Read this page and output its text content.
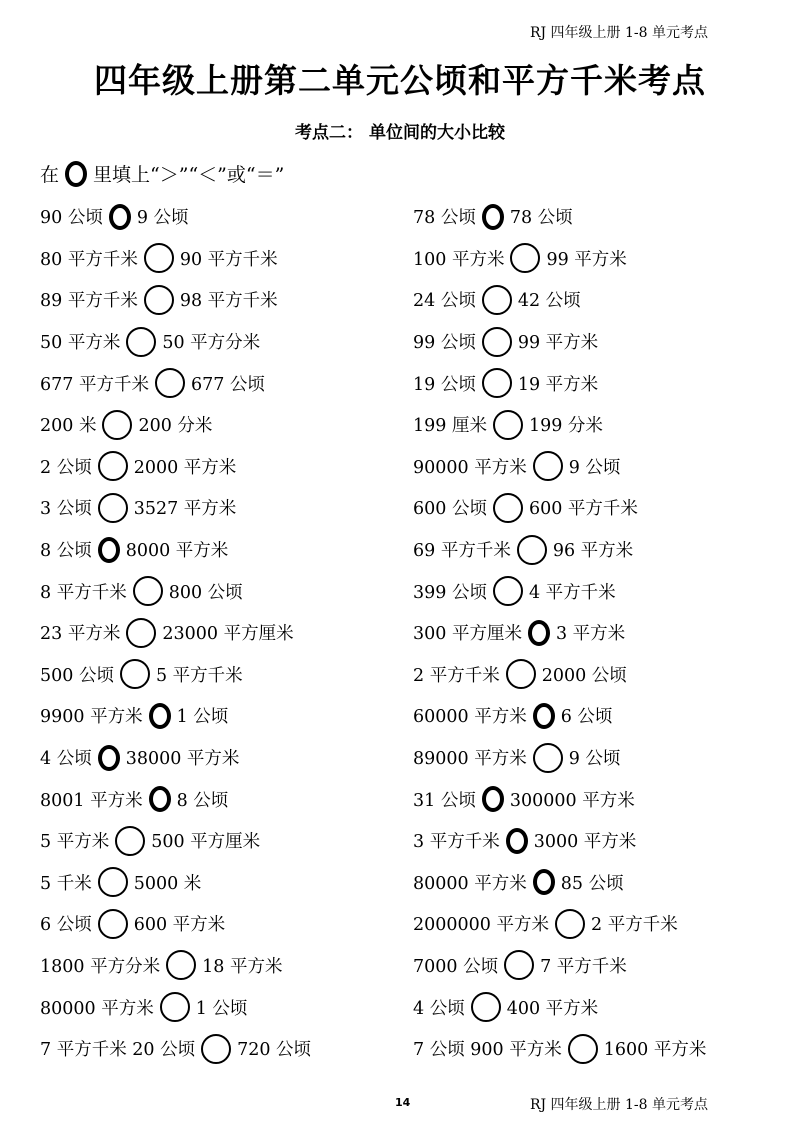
RJ 四年级上册 1-8 单元考点
四年级上册第二单元公顷和平方千米考点
考点二： 单位间的大小比较
在 里填上“＞”“＜”或“＝”
90 公顷 9 公顷
80 平方千米 90 平方千米
89 平方千米 98 平方千米
50 平方米 50 平方分米
677 平方千米 677 公顷
200 米 200 分米
2 公顷 2000 平方米
3 公顷 3527 平方米
8 公顷 8000 平方米
8 平方千米 800 公顷
23 平方米 23000 平方厘米
500 公顷 5 平方千米
9900 平方米 1 公顷
4 公顷 38000 平方米
8001 平方米 8 公顷
5 平方米 500 平方厘米
5 千米 5000 米
6 公顷 600 平方米
1800 平方分米 18 平方米
80000 平方米 1 公顷
7 平方千米 20 公顷 720 公顷
78 公顷 78 公顷
100 平方米 99 平方米
24 公顷 42 公顷
99 公顷 99 平方米
19 公顷 19 平方米
199 厘米 199 分米
90000 平方米 9 公顷
600 公顷 600 平方千米
69 平方千米 96 平方米
399 公顷 4 平方千米
300 平方厘米 3 平方米
2 平方千米 2000 公顷
60000 平方米 6 公顷
89000 平方米 9 公顷
31 公顷 300000 平方米
3 平方千米 3000 平方米
80000 平方米 85 公顷
2000000 平方米 2 平方千米
7000 公顷 7 平方千米
4 公顷 400 平方米
7 公顷 900 平方米 1600 平方米
14	RJ 四年级上册 1-8 单元考点
